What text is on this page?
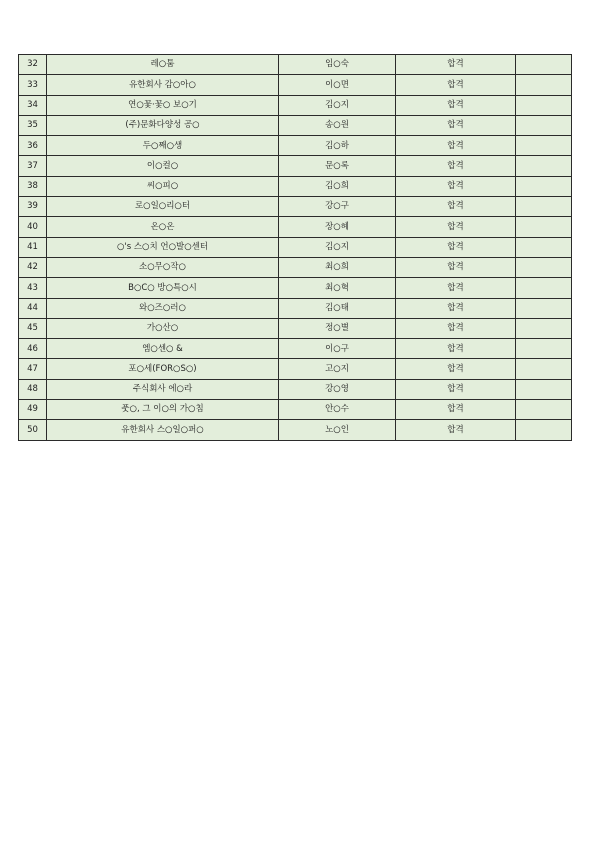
32	레○툼	임○숙	합격	
33	유한회사 감○아○	이○면	합격	
34	연○꽃·꽃○ 보○기	김○지	합격	
35	(주)문화다양성 공○	송○원	합격	
36	두○째○생	김○하	합격	
37	이○컬○	문○록	합격	
38	씨○피○	김○희	합격	
39	로○일○리○터	강○구	합격	
40	온○온	장○혜	합격	
41	○'s 스○치 언○발○센터	김○지	합격	
42	소○무○작○	최○희	합격	
43	B○C○ 방○특○시	최○혁	합격	
44	와○즈○러○	김○태	합격	
45	가○산○	정○별	합격	
46	엠○센○ &	이○구	합격	
47	포○세(FOR○S○)	고○지	합격	
48	주식회사 에○라	강○영	합격	
49	풋○, 그 이○의 가○침	안○수	합격	
50	유한회사 스○일○퍼○	노○인	합격	
